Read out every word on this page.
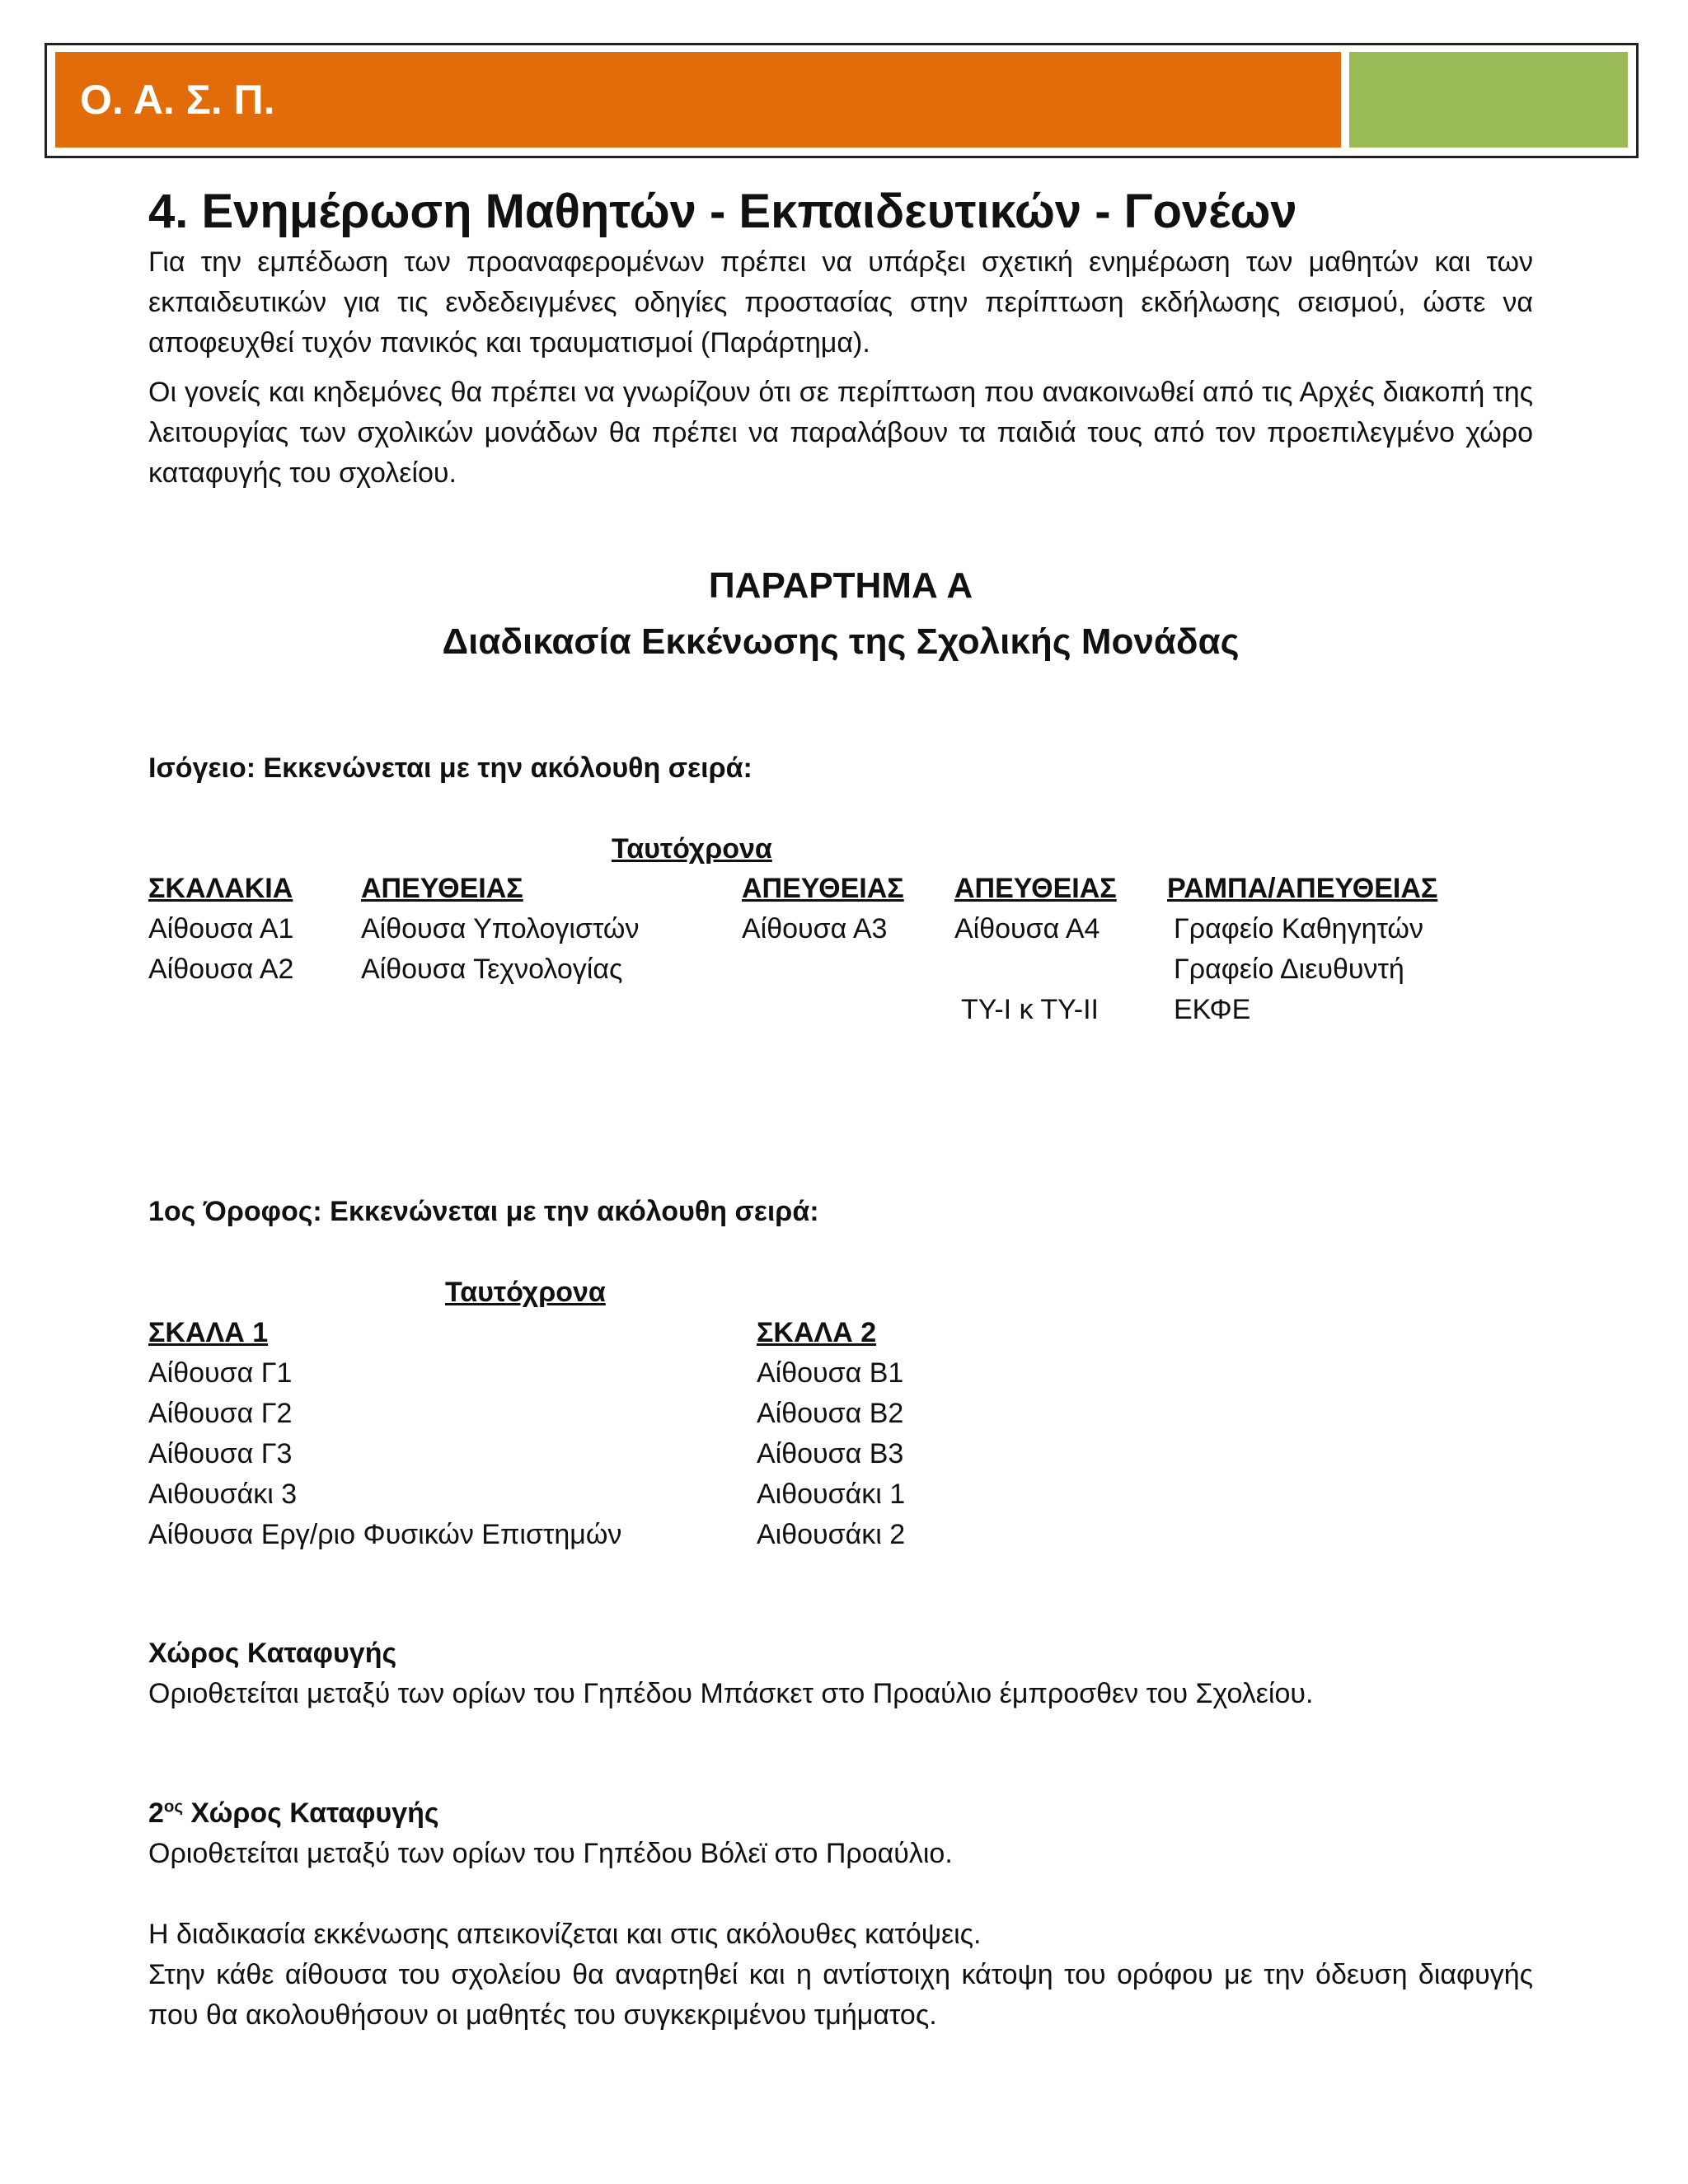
Ο. Α. Σ. Π.
4. Ενημέρωση Μαθητών - Εκπαιδευτικών - Γονέων
Για την εμπέδωση των προαναφερομένων πρέπει να υπάρξει σχετική ενημέρωση των μαθητών και των εκπαιδευτικών για τις ενδεδειγμένες οδηγίες προστασίας στην περίπτωση εκδήλωσης σεισμού, ώστε να αποφευχθεί τυχόν πανικός και τραυματισμοί (Παράρτημα).
Οι γονείς και κηδεμόνες θα πρέπει να γνωρίζουν ότι σε περίπτωση που ανακοινωθεί από τις Αρχές διακοπή της λειτουργίας των σχολικών μονάδων θα πρέπει να παραλάβουν τα παιδιά τους από τον προεπιλεγμένο χώρο καταφυγής του σχολείου.
ΠΑΡΑΡΤΗΜΑ Α
Διαδικασία Εκκένωσης της Σχολικής Μονάδας
Ισόγειο: Εκκενώνεται με την ακόλουθη σειρά:
Ταυτόχρονα
ΣΚΑΛΑΚΙΑ
Αίθουσα Α1
Αίθουσα Α2
ΑΠΕΥΘΕΙΑΣ
Αίθουσα Υπολογιστών
Αίθουσα Τεχνολογίας
ΑΠΕΥΘΕΙΑΣ
Αίθουσα Α3
ΑΠΕΥΘΕΙΑΣ
Αίθουσα Α4
ΤΥ-Ι κ ΤΥ-ΙΙ
ΡΑΜΠΑ/ΑΠΕΥΘΕΙΑΣ
Γραφείο Καθηγητών
Γραφείο Διευθυντή
ΕΚΦΕ
1ος Όροφος: Εκκενώνεται με την ακόλουθη σειρά:
Ταυτόχρονα
ΣΚΑΛΑ 1
Αίθουσα Γ1
Αίθουσα Γ2
Αίθουσα Γ3
Αιθουσάκι 3
Αίθουσα Εργ/ριο Φυσικών Επιστημών
ΣΚΑΛΑ 2
Αίθουσα Β1
Αίθουσα Β2
Αίθουσα Β3
Αιθουσάκι 1
Αιθουσάκι 2
Χώρος Καταφυγής
Οριοθετείται μεταξύ των ορίων του Γηπέδου Μπάσκετ στο Προαύλιο έμπροσθεν του Σχολείου.
$2^{o\varsigma}$ Χώρος Καταφυγής
Οριοθετείται μεταξύ των ορίων του Γηπέδου Βόλεϊ στο Προαύλιο.
Η διαδικασία εκκένωσης απεικονίζεται και στις ακόλουθες κατόψεις.
Στην κάθε αίθουσα του σχολείου θα αναρτηθεί και η αντίστοιχη κάτοψη του ορόφου με την όδευση διαφυγής που θα ακολουθήσουν οι μαθητές του συγκεκριμένου τμήματος.
